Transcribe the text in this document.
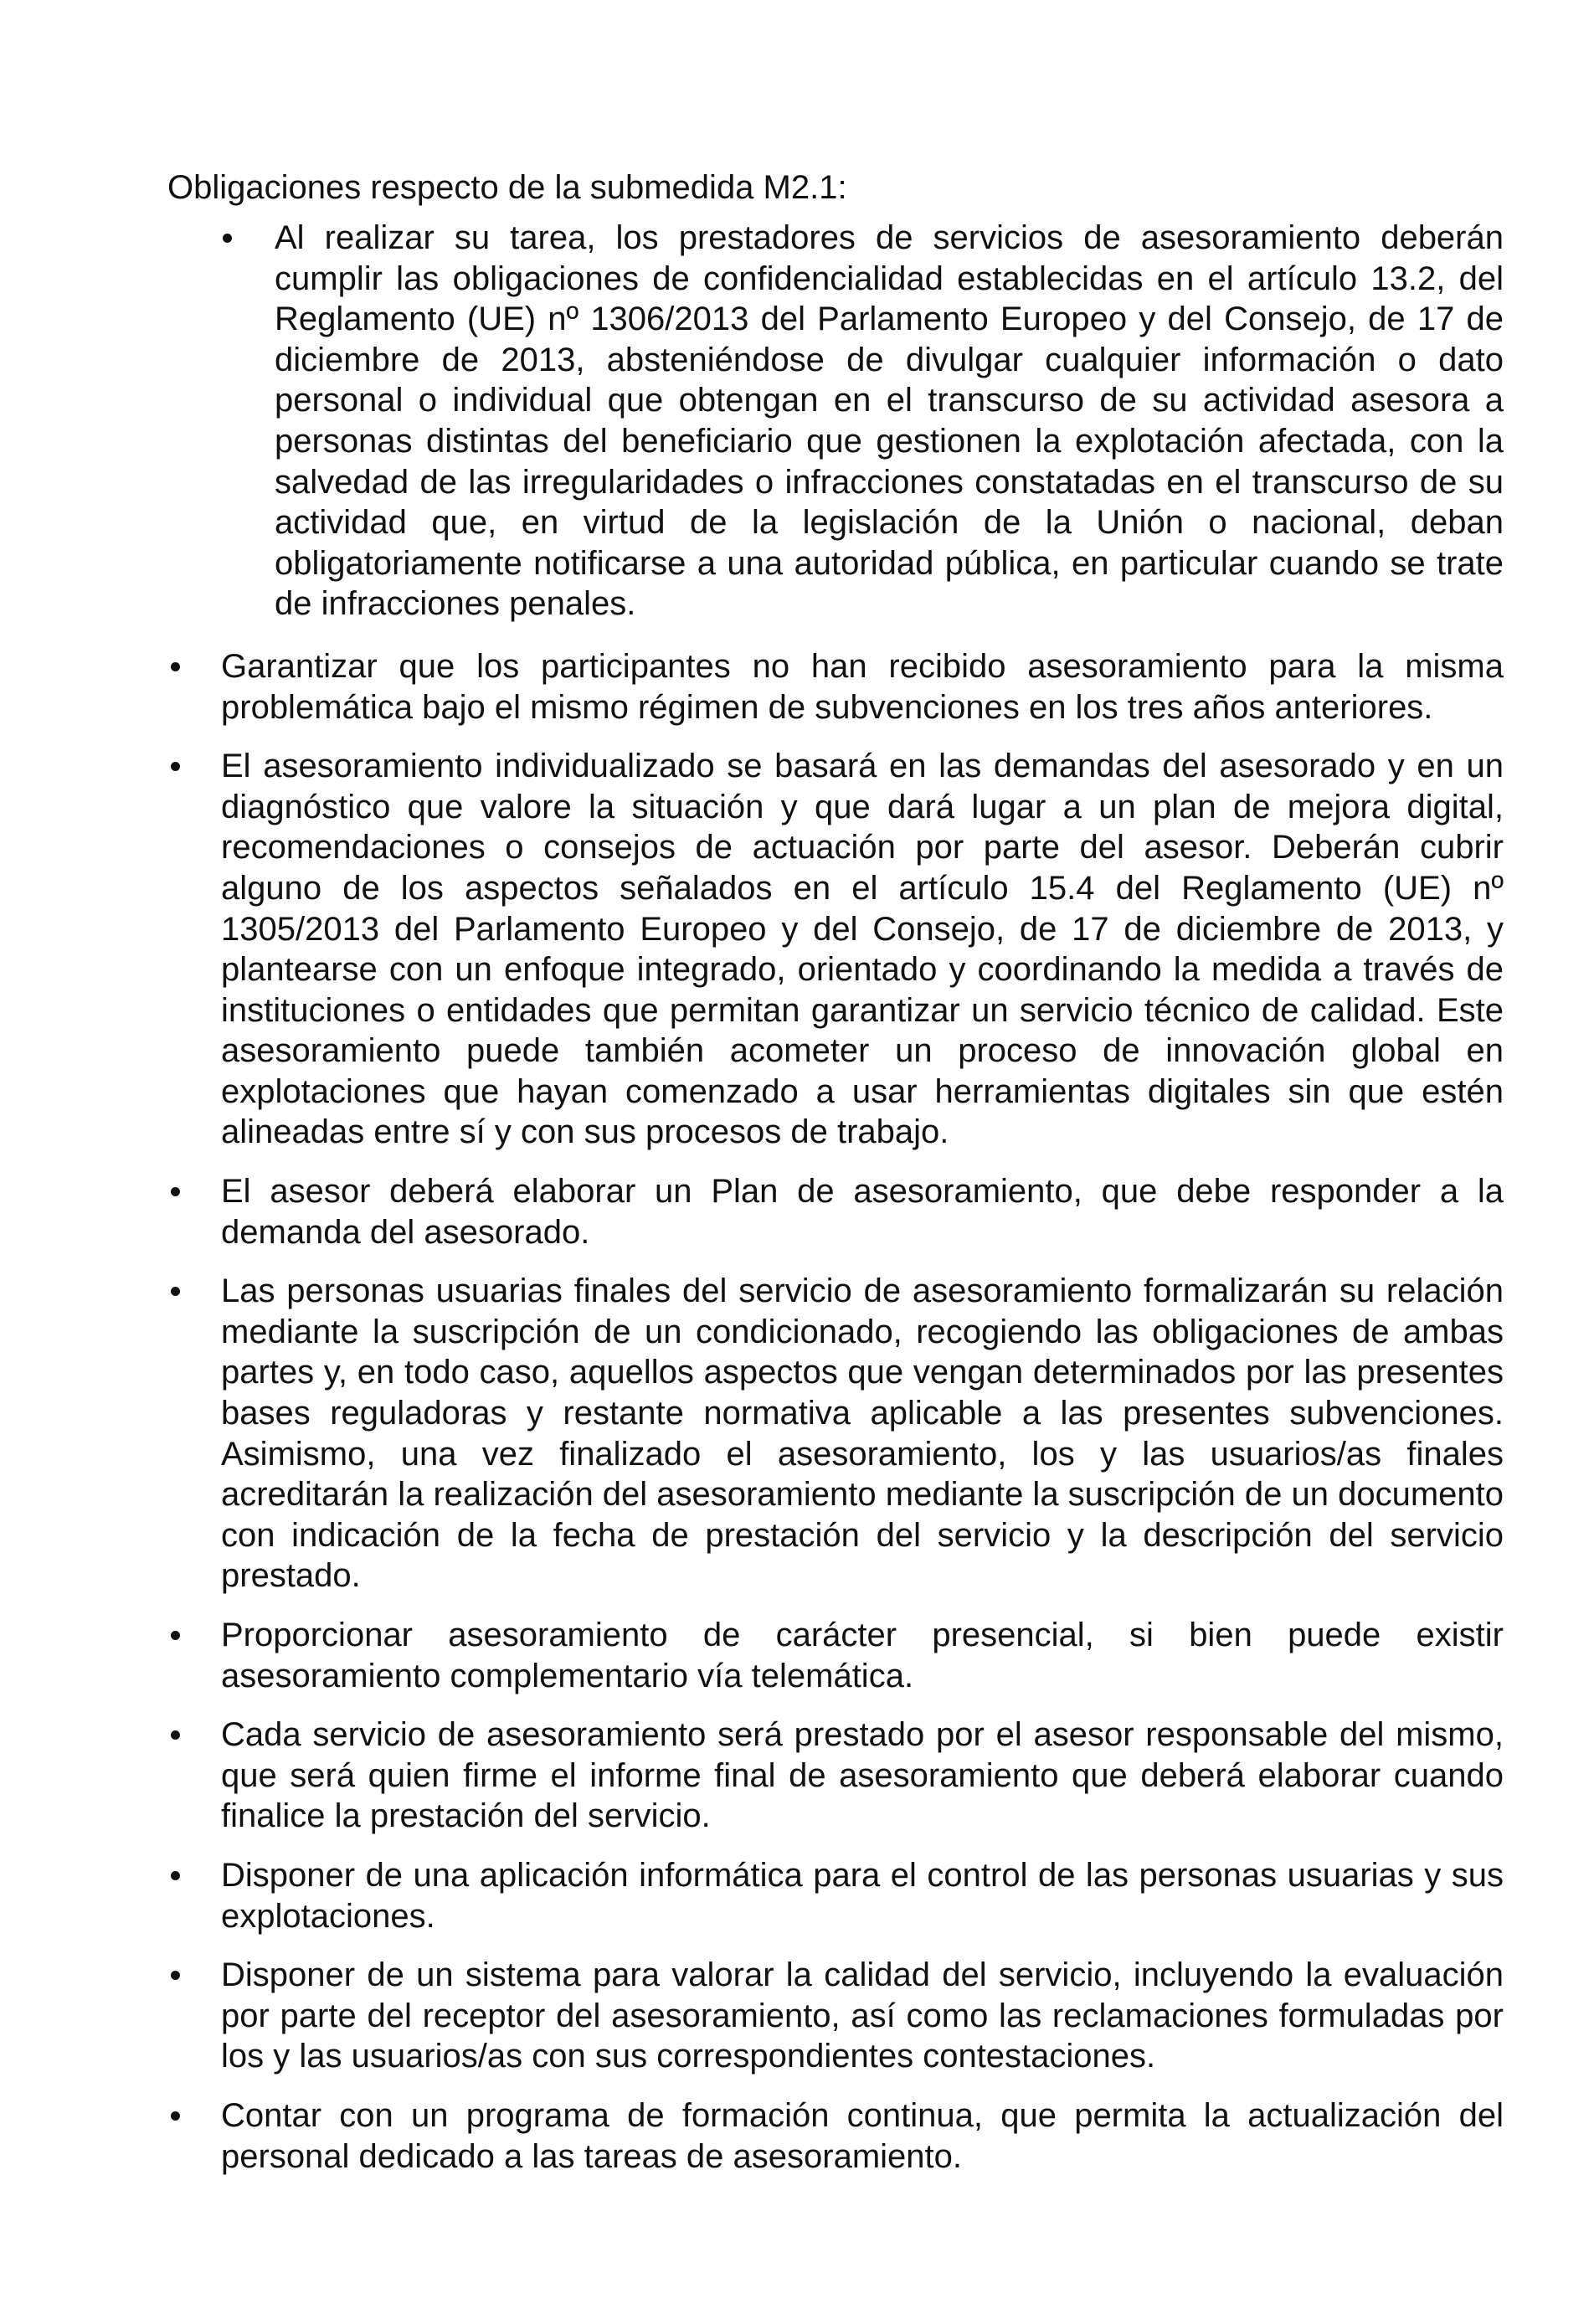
Obligaciones respecto de la submedida M2.1:

Al realizar su tarea, los prestadores de servicios de asesoramiento deberán cumplir las obligaciones de confidencialidad establecidas en el artículo 13.2, del Reglamento (UE) nº 1306/2013 del Parlamento Europeo y del Consejo, de 17 de diciembre de 2013, absteniéndose de divulgar cualquier información o dato personal o individual que obtengan en el transcurso de su actividad asesora a personas distintas del beneficiario que gestionen la explotación afectada, con la salvedad de las irregularidades o infracciones constatadas en el transcurso de su actividad que, en virtud de la legislación de la Unión o nacional, deban obligatoriamente notificarse a una autoridad pública, en particular cuando se trate de infracciones penales.
Garantizar que los participantes no han recibido asesoramiento para la misma problemática bajo el mismo régimen de subvenciones en los tres años anteriores.
El asesoramiento individualizado se basará en las demandas del asesorado y en un diagnóstico que valore la situación y que dará lugar a un plan de mejora digital, recomendaciones o consejos de actuación por parte del asesor. Deberán cubrir alguno de los aspectos señalados en el artículo 15.4 del Reglamento (UE) nº 1305/2013 del Parlamento Europeo y del Consejo, de 17 de diciembre de 2013, y plantearse con un enfoque integrado, orientado y coordinando la medida a través de instituciones o entidades que permitan garantizar un servicio técnico de calidad. Este asesoramiento puede también acometer un proceso de innovación global en explotaciones que hayan comenzado a usar herramientas digitales sin que estén alineadas entre sí y con sus procesos de trabajo.
El asesor deberá elaborar un Plan de asesoramiento, que debe responder a la demanda del asesorado.
Las personas usuarias finales del servicio de asesoramiento formalizarán su relación mediante la suscripción de un condicionado, recogiendo las obligaciones de ambas partes y, en todo caso, aquellos aspectos que vengan determinados por las presentes bases reguladoras y restante normativa aplicable a las presentes subvenciones. Asimismo, una vez finalizado el asesoramiento, los y las usuarios/as finales acreditarán la realización del asesoramiento mediante la suscripción de un documento con indicación de la fecha de prestación del servicio y la descripción del servicio prestado.
Proporcionar asesoramiento de carácter presencial, si bien puede existir asesoramiento complementario vía telemática.
Cada servicio de asesoramiento será prestado por el asesor responsable del mismo, que será quien firme el informe final de asesoramiento que deberá elaborar cuando finalice la prestación del servicio.
Disponer de una aplicación informática para el control de las personas usuarias y sus explotaciones.
Disponer de un sistema para valorar la calidad del servicio, incluyendo la evaluación por parte del receptor del asesoramiento, así como las reclamaciones formuladas por los y las usuarios/as con sus correspondientes contestaciones.
Contar con un programa de formación continua, que permita la actualización del personal dedicado a las tareas de asesoramiento.
